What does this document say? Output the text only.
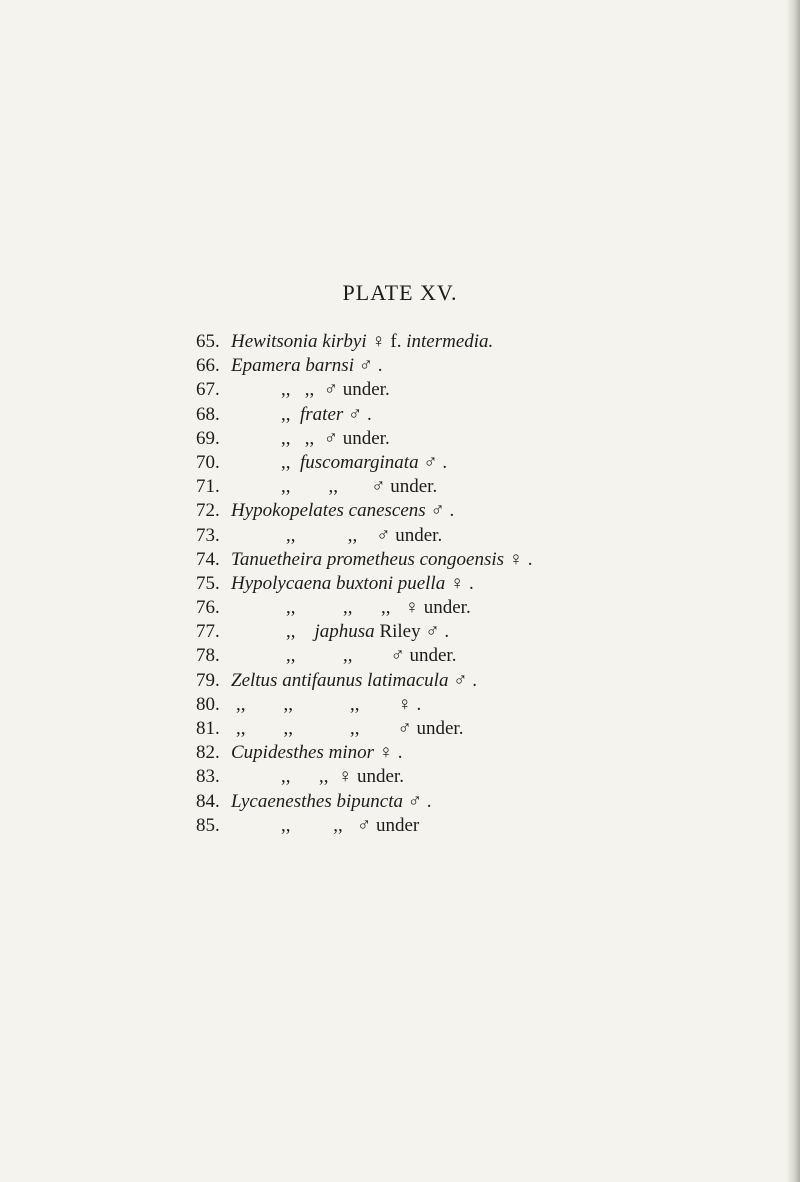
PLATE XV.
65. Hewitsonia kirbyi ♀ f. intermedia.
66. Epamera barnsi ♂ .
67.	,,   ,,  ♂ under.
68.	,,  frater ♂ .
69.	,,   ,,  ♂ under.
70.	,,  fuscomarginata ♂ .
71.	,,        ,,       ♂ under.
72. Hypokopelates canescens ♂ .
73.	,,           ,,    ♂ under.
74. Tanuetheira prometheus congoensis ♀ .
75. Hypolycaena buxtoni puella ♀ .
76.	,,          ,,      ,,   ♀ under.
77.	,,    japhusa Riley ♂ .
78.	,,          ,,        ♂ under.
79. Zeltus antifaunus latimacula ♂ .
80. ,,        ,,            ,,        ♀ .
81. ,,        ,,            ,,        ♂ under.
82. Cupidesthes minor ♀ .
83.	,,      ,,  ♀ under.
84. Lycaenesthes bipuncta ♂ .
85.	,,         ,,   ♂ under
